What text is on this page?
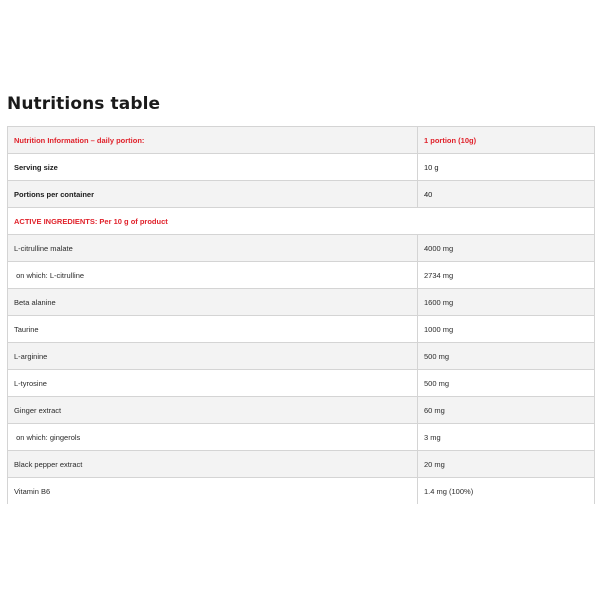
Nutritions table
Nutrition Information – daily portion:	1 portion (10g)
Serving size	10 g
Portions per container	40
ACTIVE INGREDIENTS: Per 10 g of product	
L-citrulline malate	4000 mg
on which: L-citrulline	2734 mg
Beta alanine	1600 mg
Taurine	1000 mg
L-arginine	500 mg
L-tyrosine	500 mg
Ginger extract	60 mg
on which: gingerols	3 mg
Black pepper extract	20 mg
Vitamin B6	1.4 mg (100%)
